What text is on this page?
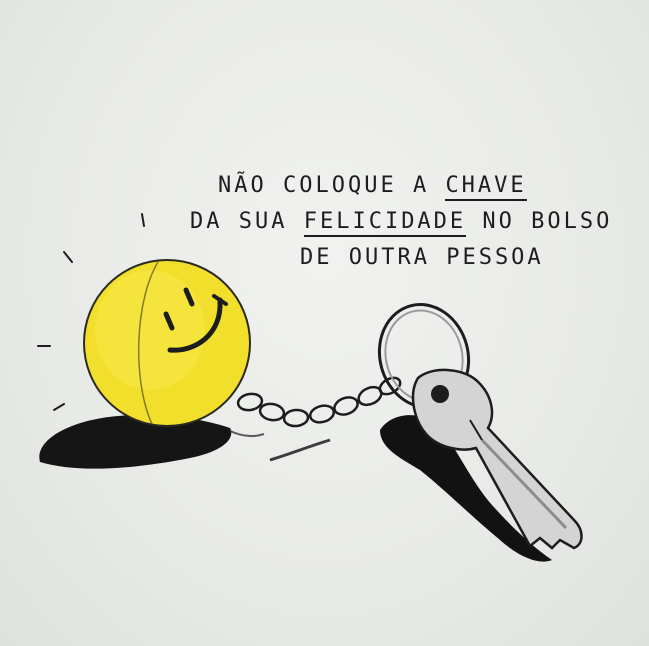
NÃO COLOQUE A CHAVE
DA SUA FELICIDADE NO BOLSO
DE OUTRA PESSOA
